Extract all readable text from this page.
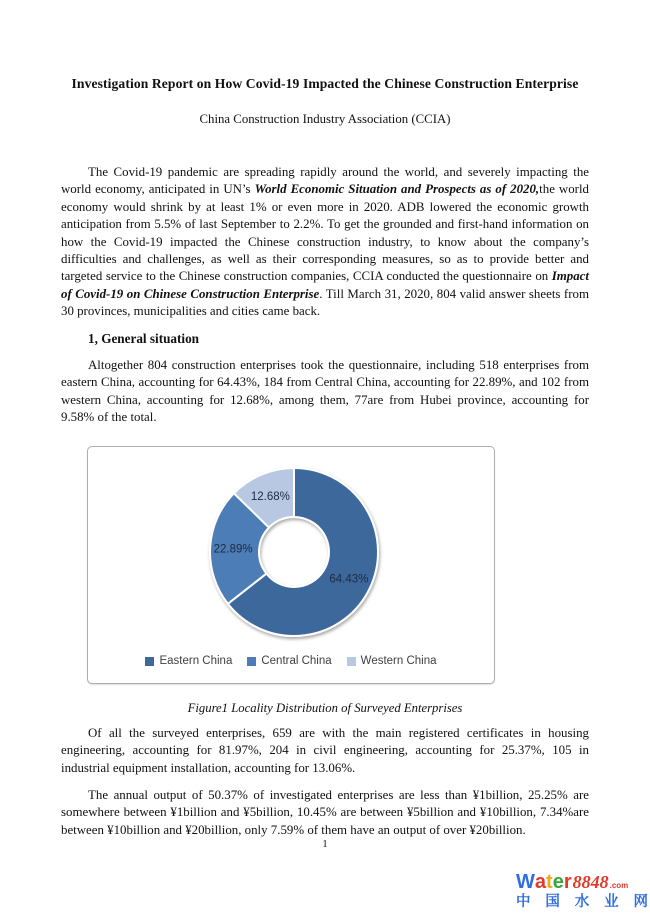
Investigation Report on How Covid-19 Impacted the Chinese Construction Enterprise
China Construction Industry Association (CCIA)

The Covid-19 pandemic are spreading rapidly around the world, and severely impacting the world economy, anticipated in UN’s World Economic Situation and Prospects as of 2020,the world economy would shrink by at least 1% or even more in 2020. ADB lowered the economic growth anticipation from 5.5% of last September to 2.2%. To get the grounded and first-hand information on how the Covid-19 impacted the Chinese construction industry, to know about the company’s difficulties and challenges, as well as their corresponding measures, so as to provide better and targeted service to the Chinese construction companies, CCIA conducted the questionnaire on Impact of Covid-19 on Chinese Construction Enterprise. Till March 31, 2020, 804 valid answer sheets from 30 provinces, municipalities and cities came back.

1, General situation

Altogether 804 construction enterprises took the questionnaire, including 518 enterprises from eastern China, accounting for 64.43%, 184 from Central China, accounting for 22.89%, and 102 from western China, accounting for 12.68%, among them, 77are from Hubei province, accounting for 9.58% of the total.

64.43%
22.89%
12.68%
Eastern China	Central China	Western China
Figure1 Locality Distribution of Surveyed Enterprises

Of all the surveyed enterprises, 659 are with the main registered certificates in housing engineering, accounting for 81.97%, 204 in civil engineering, accounting for 25.37%, 105 in industrial equipment installation, accounting for 13.06%.

The annual output of 50.37% of investigated enterprises are less than ¥1billion, 25.25% are somewhere between ¥1billion and ¥5billion, 10.45% are between ¥5billion and ¥10billion, 7.34%are between ¥10billion and ¥20billion, only 7.59% of them have an output of over ¥20billion.

1
Water 8848 .com
中 国 水 业 网
